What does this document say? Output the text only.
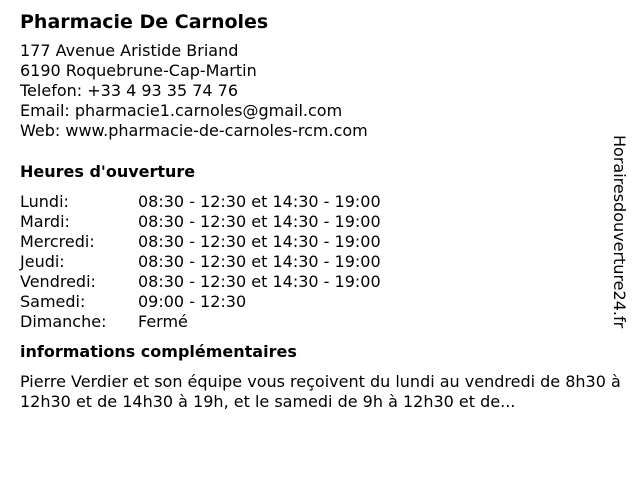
Pharmacie De Carnoles
177 Avenue Aristide Briand
6190 Roquebrune-Cap-Martin
Telefon: +33 4 93 35 74 76
Email: pharmacie1.carnoles@gmail.com
Web: www.pharmacie-de-carnoles-rcm.com
Heures d'ouverture
Lundi:	08:30 - 12:30 et 14:30 - 19:00
Mardi:	08:30 - 12:30 et 14:30 - 19:00
Mercredi:	08:30 - 12:30 et 14:30 - 19:00
Jeudi:	08:30 - 12:30 et 14:30 - 19:00
Vendredi:	08:30 - 12:30 et 14:30 - 19:00
Samedi:	09:00 - 12:30
Dimanche:	Fermé
informations complémentaires

Pierre Verdier et son équipe vous reçoivent du lundi au vendredi de 8h30 à 12h30 et de 14h30 à 19h, et le samedi de 9h à 12h30 et de...

Horairesdouverture24.fr
